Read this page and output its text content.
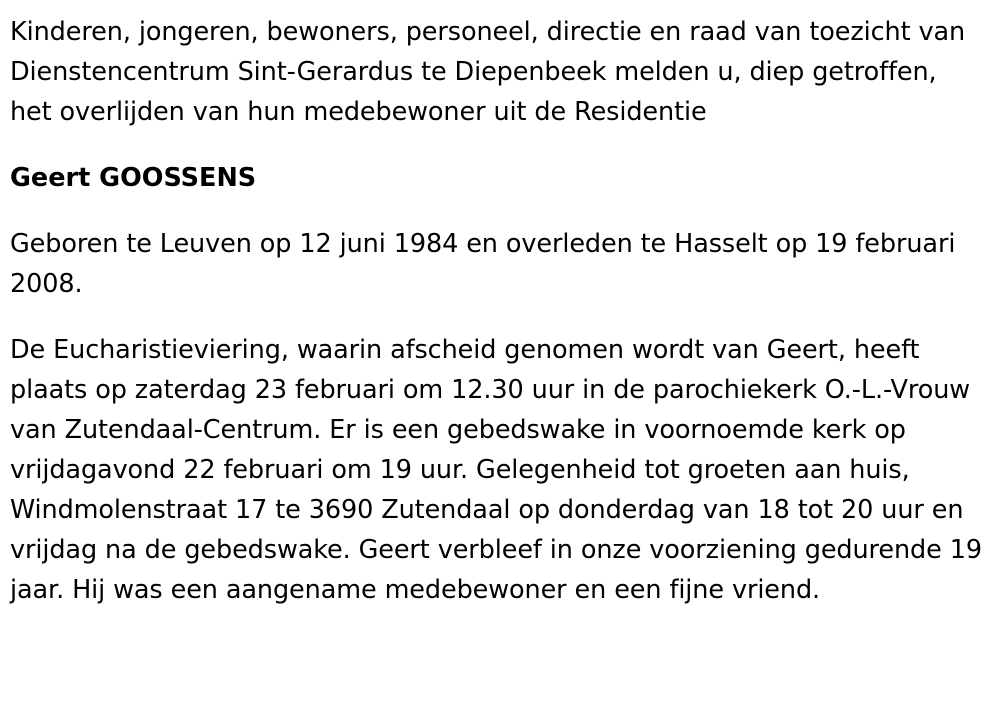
Kinderen, jongeren, bewoners, personeel, directie en raad van toezicht van Dienstencentrum Sint-Gerardus te Diepenbeek melden u, diep getroffen, het overlijden van hun medebewoner uit de Residentie

Geert GOOSSENS

Geboren te Leuven op 12 juni 1984 en overleden te Hasselt op 19 februari 2008.

De Eucharistieviering, waarin afscheid genomen wordt van Geert, heeft plaats op zaterdag 23 februari om 12.30 uur in de parochiekerk O.-L.-Vrouw van Zutendaal-Centrum. Er is een gebedswake in voornoemde kerk op vrijdagavond 22 februari om 19 uur. Gelegenheid tot groeten aan huis, Windmolenstraat 17 te 3690 Zutendaal op donderdag van 18 tot 20 uur en vrijdag na de gebedswake. Geert verbleef in onze voorziening gedurende 19 jaar. Hij was een aangename medebewoner en een fijne vriend.
